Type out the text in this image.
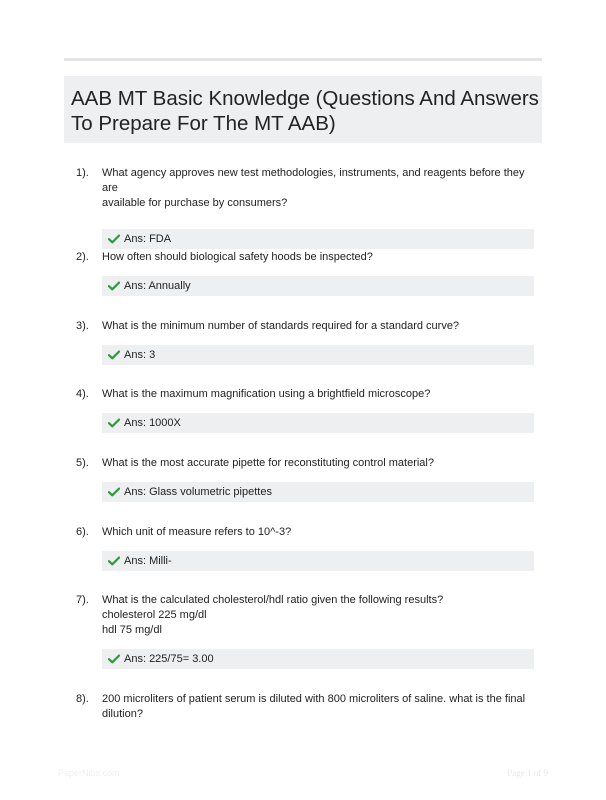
AAB MT Basic Knowledge (Questions And Answers To Prepare For The MT AAB)
1). What agency approves new test methodologies, instruments, and reagents before they are
available for purchase by consumers?
Ans: FDA
2). How often should biological safety hoods be inspected?
Ans: Annually
3). What is the minimum number of standards required for a standard curve?
Ans: 3
4). What is the maximum magnification using a brightfield microscope?
Ans: 1000X
5). What is the most accurate pipette for reconstituting control material?
Ans: Glass volumetric pipettes
6). Which unit of measure refers to 10^-3?
Ans: Milli-
7). What is the calculated cholesterol/hdl ratio given the following results?
cholesterol 225 mg/dl
hdl 75 mg/dl
Ans: 225/75= 3.00
8). 200 microliters of patient serum is diluted with 800 microliters of saline. what is the final
dilution?
PaperNibs.com	Page 1 of 9
